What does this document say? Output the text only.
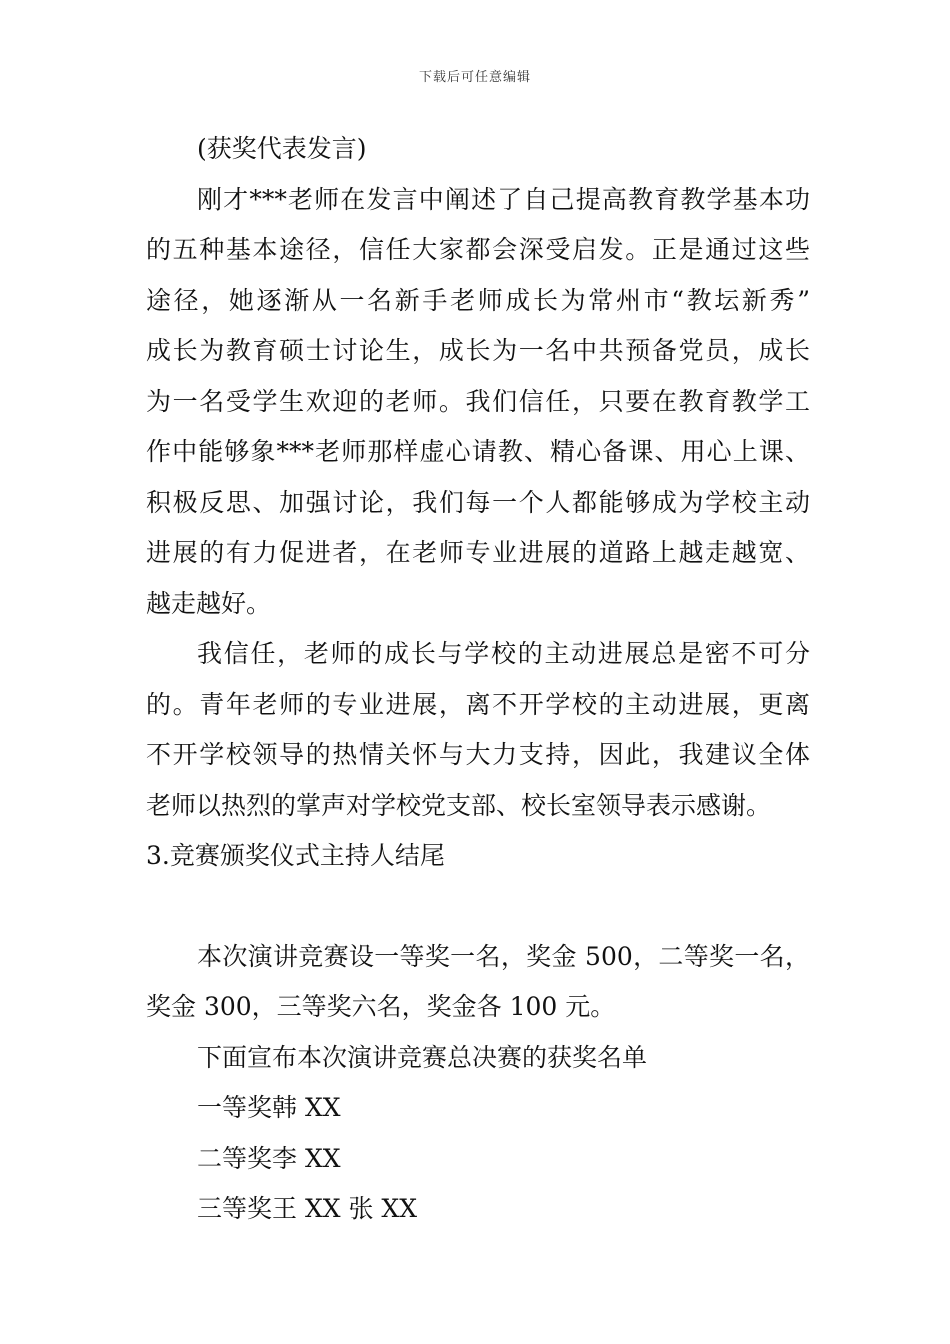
下载后可任意编辑

(获奖代表发言)

刚才***老师在发言中阐述了自己提高教育教学基本功

的五种基本途径，信任大家都会深受启发。正是通过这些

途径，她逐渐从一名新手老师成长为常州市“教坛新秀”

成长为教育硕士讨论生，成长为一名中共预备党员，成长

为一名受学生欢迎的老师。我们信任，只要在教育教学工

作中能够象***老师那样虚心请教、精心备课、用心上课、

积极反思、加强讨论，我们每一个人都能够成为学校主动

进展的有力促进者，在老师专业进展的道路上越走越宽、

越走越好。

我信任，老师的成长与学校的主动进展总是密不可分

的。青年老师的专业进展，离不开学校的主动进展，更离

不开学校领导的热情关怀与大力支持，因此，我建议全体

老师以热烈的掌声对学校党支部、校长室领导表示感谢。

3.竞赛颁奖仪式主持人结尾

本次演讲竞赛设一等奖一名，奖金 500，二等奖一名，

奖金 300，三等奖六名，奖金各 100 元。

下面宣布本次演讲竞赛总决赛的获奖名单

一等奖韩 XX

二等奖李 XX

三等奖王 XX 张 XX
